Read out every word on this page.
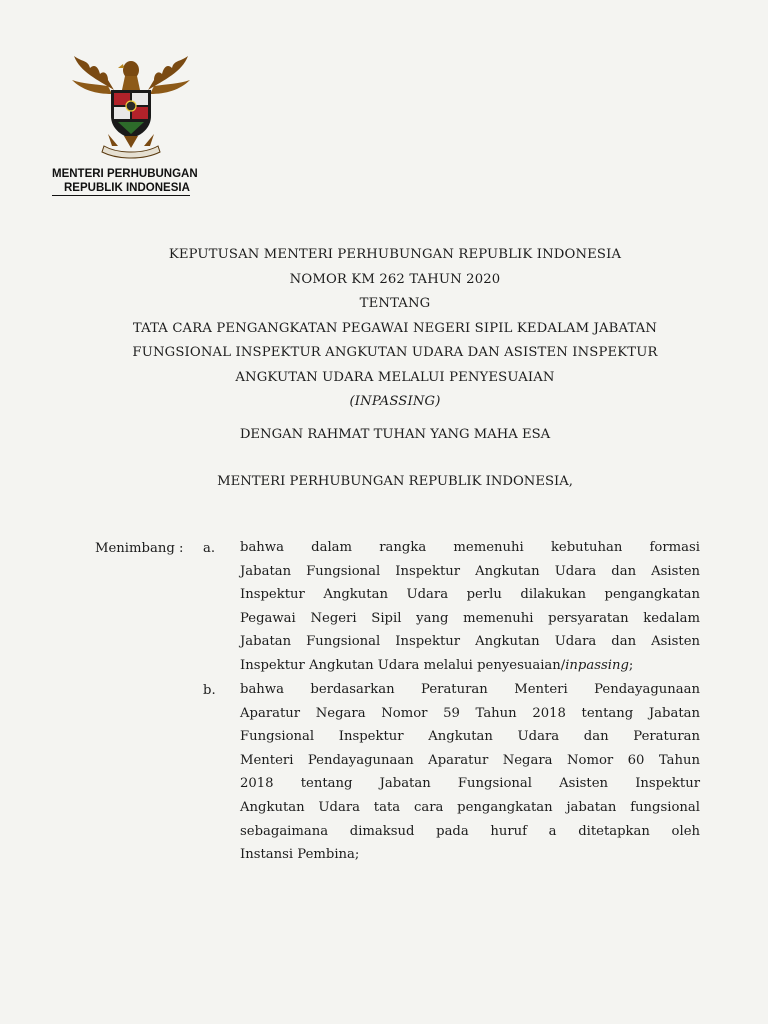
MENTERI PERHUBUNGAN
REPUBLIK INDONESIA
KEPUTUSAN MENTERI PERHUBUNGAN REPUBLIK INDONESIA
NOMOR KM 262 TAHUN 2020
TENTANG
TATA CARA PENGANGKATAN PEGAWAI NEGERI SIPIL KEDALAM JABATAN
FUNGSIONAL INSPEKTUR ANGKUTAN UDARA DAN ASISTEN INSPEKTUR
ANGKUTAN UDARA MELALUI PENYESUAIAN
(INPASSING)
DENGAN RAHMAT TUHAN YANG MAHA ESA
MENTERI PERHUBUNGAN REPUBLIK INDONESIA,
Menimbang : a. bahwa dalam rangka memenuhi kebutuhan formasi
Jabatan Fungsional Inspektur Angkutan Udara dan Asisten
Inspektur Angkutan Udara perlu dilakukan pengangkatan
Pegawai Negeri Sipil yang memenuhi persyaratan kedalam
Jabatan Fungsional Inspektur Angkutan Udara dan Asisten
Inspektur Angkutan Udara melalui penyesuaian/inpassing;
b. bahwa berdasarkan Peraturan Menteri Pendayagunaan
Aparatur Negara Nomor 59 Tahun 2018 tentang Jabatan
Fungsional Inspektur Angkutan Udara dan Peraturan
Menteri Pendayagunaan Aparatur Negara Nomor 60 Tahun
2018 tentang Jabatan Fungsional Asisten Inspektur
Angkutan Udara tata cara pengangkatan jabatan fungsional
sebagaimana dimaksud pada huruf a ditetapkan oleh
Instansi Pembina;
